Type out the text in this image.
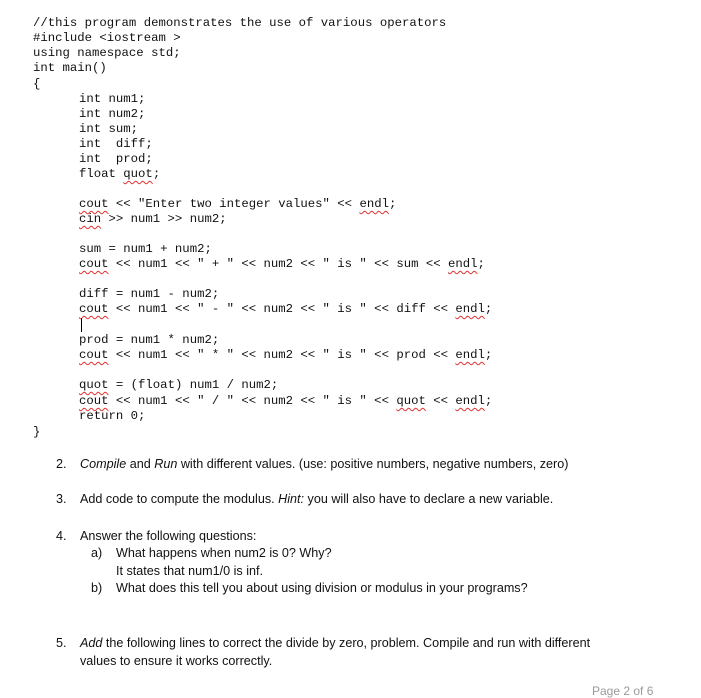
//this program demonstrates the use of various operators
#include <iostream >
using namespace std;
int main()
{
int num1;
int num2;
int sum;
int  diff;
int  prod;
float quot;
cout << "Enter two integer values" << endl;
cin >> num1 >> num2;
sum = num1 + num2;
cout << num1 << " + " << num2 << " is " << sum << endl;
diff = num1 - num2;
cout << num1 << " - " << num2 << " is " << diff << endl;
prod = num1 * num2;
cout << num1 << " * " << num2 << " is " << prod << endl;
quot = (float) num1 / num2;
cout << num1 << " / " << num2 << " is " << quot << endl;
return 0;
}
2. Compile and Run with different values. (use: positive numbers, negative numbers, zero)
3. Add code to compute the modulus. Hint: you will also have to declare a new variable.
4. Answer the following questions:
a) What happens when num2 is 0? Why?
It states that num1/0 is inf.
b) What does this tell you about using division or modulus in your programs?
5. Add the following lines to correct the divide by zero, problem. Compile and run with different
values to ensure it works correctly.
Page 2 of 6
